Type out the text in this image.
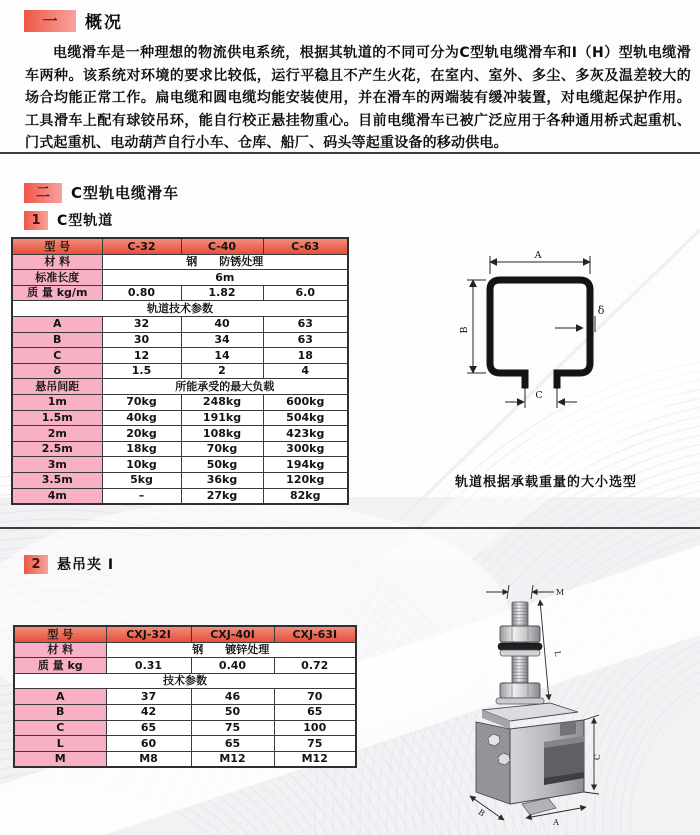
一	概况
电缆滑车是一种理想的物流供电系统，根据其轨道的不同可分为C型轨电缆滑车和I（H）型轨电缆滑车两种。该系统对环境的要求比较低，运行平稳且不产生火花，在室内、室外、多尘、多灰及温差较大的场合均能正常工作。扁电缆和圆电缆均能安装使用，并在滑车的两端装有缓冲装置，对电缆起保护作用。工具滑车上配有球铰吊环，能自行校正悬挂物重心。目前电缆滑车已被广泛应用于各种通用桥式起重机、门式起重机、电动葫芦自行小车、仓库、船厂、码头等起重设备的移动供电。
二	C型轨电缆滑车
1	C型轨道
型 号	C-32	C-40	C-63
材 料	钢　　防锈处理		
标准长度	6m		
质 量 kg/m	0.80	1.82	6.0
轨道技术参数			
A	32	40	63
B	30	34	63
C	12	14	18
δ	1.5	2	4
悬吊间距	所能承受的最大负载		
1m	70kg	248kg	600kg
1.5m	40kg	191kg	504kg
2m	20kg	108kg	423kg
2.5m	18kg	70kg	300kg
3m	10kg	50kg	194kg
3.5m	5kg	36kg	120kg
4m	–	27kg	82kg
A
B
δ
C
轨道根据承载重量的大小选型
2	悬吊夹 I
型 号	CXJ-32I	CXJ-40I	CXJ-63I
材 料	钢　　镀锌处理		
质 量 kg	0.31	0.40	0.72
技术参数			
A	37	46	70
B	42	50	65
C	65	75	100
L	60	65	75
M	M8	M12	M12
M
L
C
A
B
